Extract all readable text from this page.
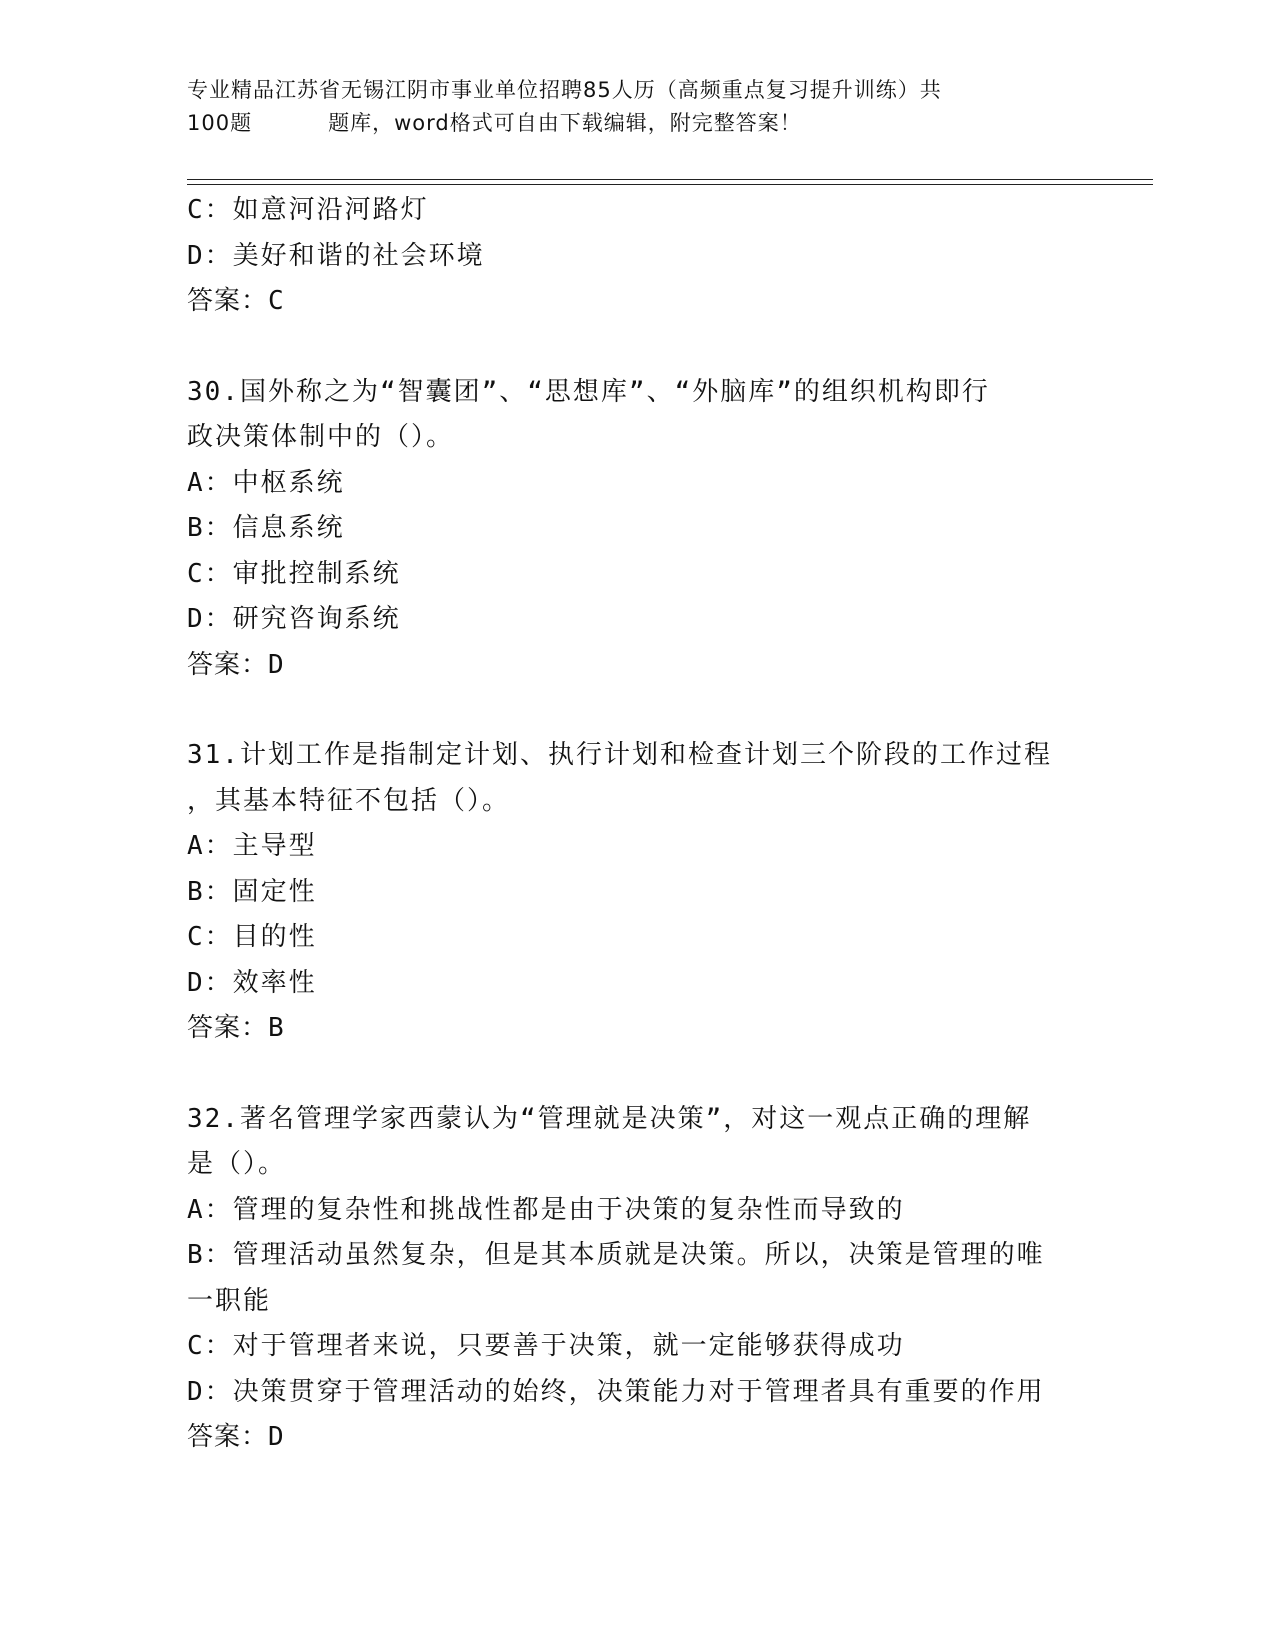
专业精品江苏省无锡江阴市事业单位招聘85人历（高频重点复习提升训练）共
100题	题库，word格式可自由下载编辑，附完整答案！

C：如意河沿河路灯

D：美好和谐的社会环境

答案：C

30.国外称之为“智囊团”、“思想库”、“外脑库”的组织机构即行

政决策体制中的（）。

A：中枢系统

B：信息系统

C：审批控制系统

D：研究咨询系统

答案：D

31.计划工作是指制定计划、执行计划和检查计划三个阶段的工作过程

，其基本特征不包括（）。

A：主导型

B：固定性

C：目的性

D：效率性

答案：B

32.著名管理学家西蒙认为“管理就是决策”，对这一观点正确的理解

是（）。

A：管理的复杂性和挑战性都是由于决策的复杂性而导致的

B：管理活动虽然复杂，但是其本质就是决策。所以，决策是管理的唯

一职能

C：对于管理者来说，只要善于决策，就一定能够获得成功

D：决策贯穿于管理活动的始终，决策能力对于管理者具有重要的作用

答案：D
